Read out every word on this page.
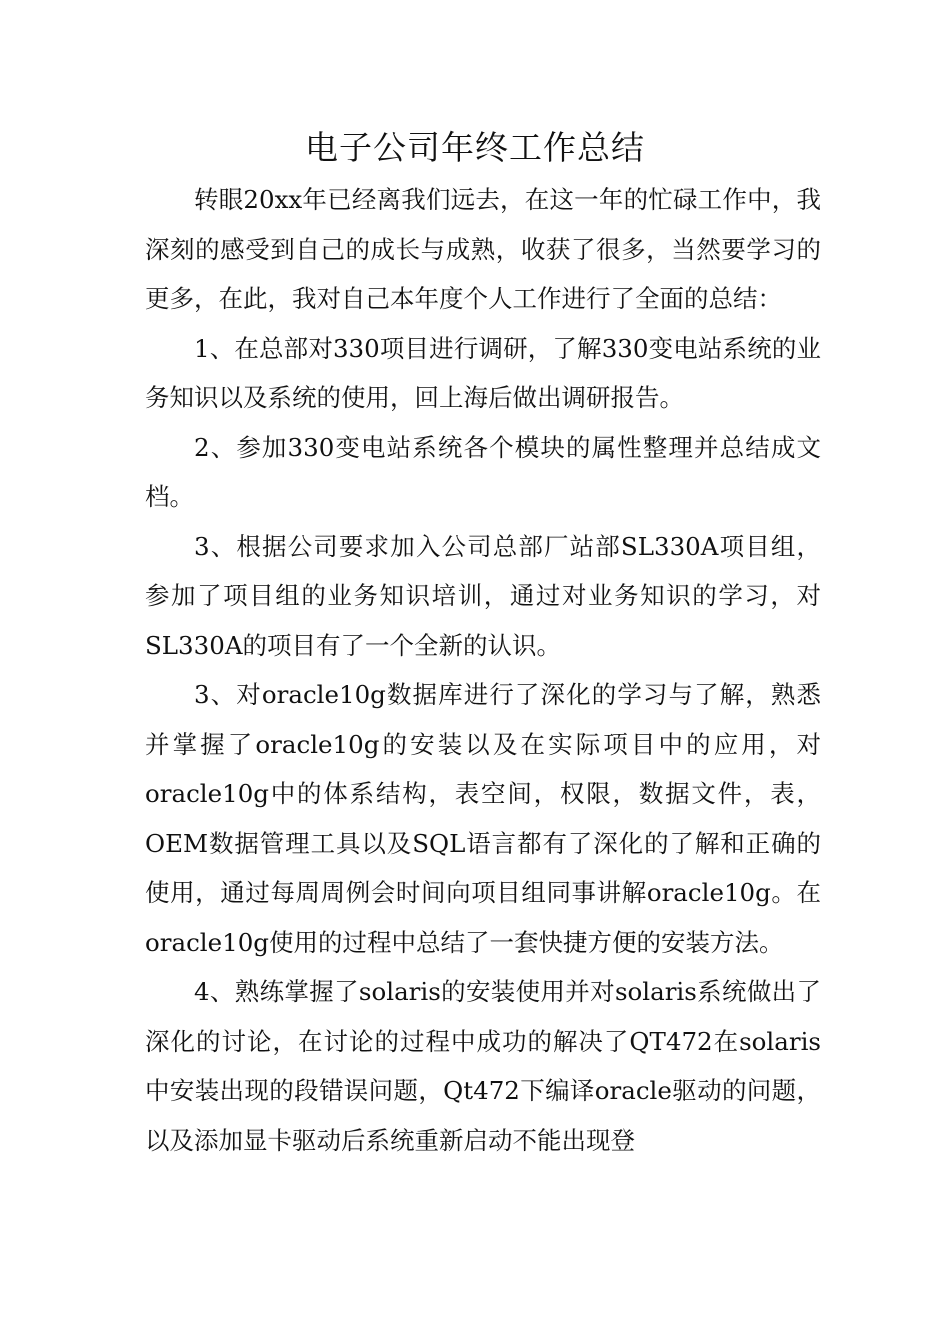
电子公司年终工作总结

转眼20xx年已经离我们远去，在这一年的忙碌工作中，我深刻的感受到自己的成长与成熟，收获了很多，当然要学习的更多，在此，我对自己本年度个人工作进行了全面的总结：

1、在总部对330项目进行调研，了解330变电站系统的业务知识以及系统的使用，回上海后做出调研报告。

2、参加330变电站系统各个模块的属性整理并总结成文档。

3、根据公司要求加入公司总部厂站部SL330A项目组，参加了项目组的业务知识培训，通过对业务知识的学习，对SL330A的项目有了一个全新的认识。

3、对oracle10g数据库进行了深化的学习与了解，熟悉并掌握了oracle10g的安装以及在实际项目中的应用，对oracle10g中的体系结构，表空间，权限，数据文件，表，OEM数据管理工具以及SQL语言都有了深化的了解和正确的使用，通过每周周例会时间向项目组同事讲解oracle10g。在oracle10g使用的过程中总结了一套快捷方便的安装方法。

4、熟练掌握了solaris的安装使用并对solaris系统做出了深化的讨论，在讨论的过程中成功的解决了QT472在solaris中安装出现的段错误问题，Qt472下编译oracle驱动的问题，以及添加显卡驱动后系统重新启动不能出现登
